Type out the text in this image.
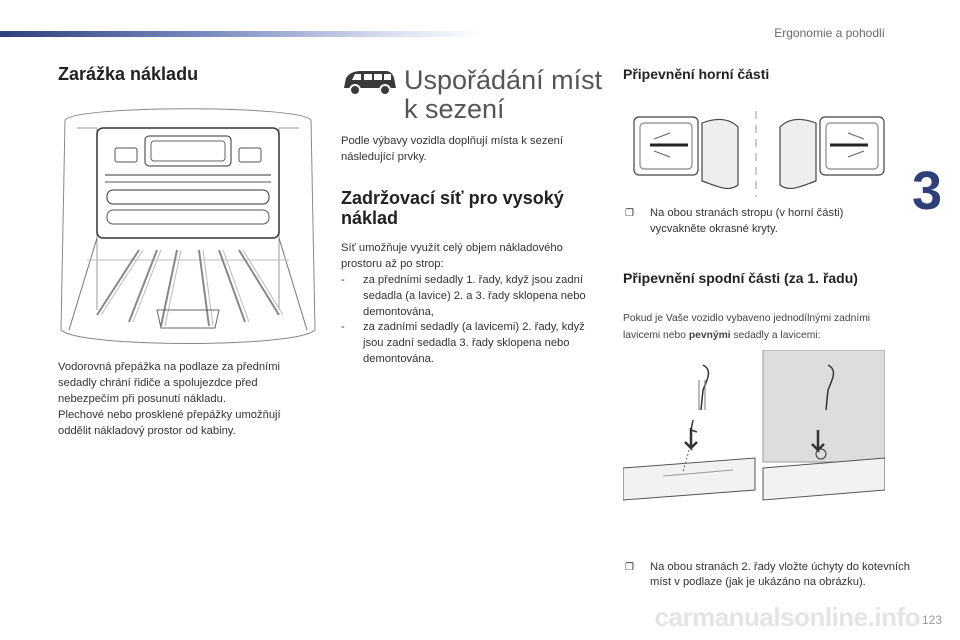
Ergonomie a pohodlí
3
carmanualsonline.info 123
Zarážka nákladu
Vodorovná přepážka na podlaze za předními sedadly chrání řidiče a spolujezdce před nebezpečím při posunutí nákladu.
Plechové nebo prosklené přepážky umožňují oddělit nákladový prostor od kabiny.
Uspořádání míst k sezení
Podle výbavy vozidla doplňují místa k sezení následující prvky.
Zadržovací síť pro vysoký náklad
Síť umožňuje využít celý objem nákladového prostoru až po strop:
- za předními sedadly 1. řady, když jsou zadní sedadla (a lavice) 2. a 3. řady sklopena nebo demontována,
- za zadními sedadly (a lavicemi) 2. řady, když jsou zadní sedadla 3. řady sklopena nebo demontována.
Připevnění horní části
❐ Na obou stranách stropu (v horní části) vycvakněte okrasné kryty.
Připevnění spodní části (za 1. řadu)
Pokud je Vaše vozidlo vybaveno jednodílnými zadními lavicemi nebo pevnými sedadly a lavicemi:
❐ Na obou stranách 2. řady vložte úchyty do kotevních míst v podlaze (jak je ukázáno na obrázku).
